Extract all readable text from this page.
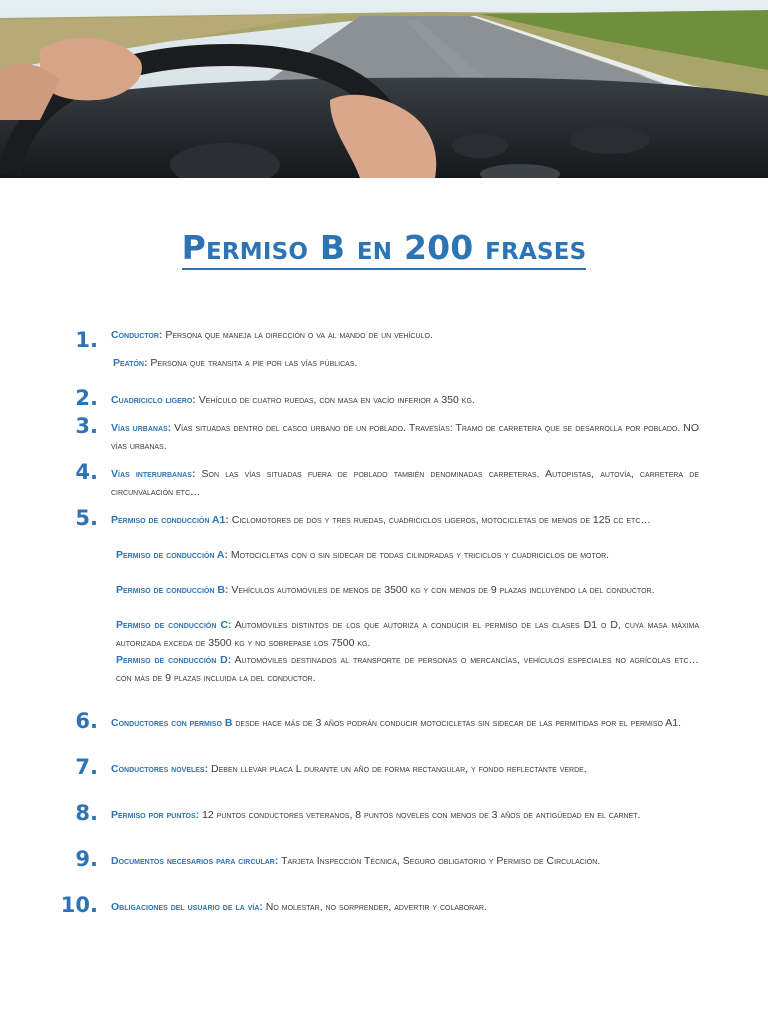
Permiso B en 200 frases
1. Conductor: Persona que maneja la dirección o va al mando de un vehículo.
Peatón: Persona que transita a pie por las vías públicas.
2. Cuadriciclo ligero: Vehículo de cuatro ruedas, con masa en vacío inferior a 350 kg.
3. Vías urbanas: Vías situadas dentro del casco urbano de un poblado. Travesías: Tramo de carretera que se desarrolla por poblado. NO vías urbanas.
4. Vías interurbanas: Son las vías situadas fuera de poblado también denominadas carreteras. Autopistas, autovía, carretera de circunvalación etc…
5. Permiso de conducción A1: Ciclomotores de dos y tres ruedas, cuadriciclos ligeros, motocicletas de menos de 125 cc etc…
Permiso de conducción A: Motocicletas con o sin sidecar de todas cilindradas y triciclos y cuadriciclos de motor.
Permiso de conducción B: Vehículos automóviles de menos de 3500 kg y con menos de 9 plazas incluyendo la del conductor.
Permiso de conducción C: Automóviles distintos de los que autoriza a conducir el permiso de las clases D1 o D, cuya masa máxima autorizada exceda de 3500 kg y no sobrepase los 7500 kg.
Permiso de conducción D: Automóviles destinados al transporte de personas o mercancías, vehículos especiales no agrícolas etc…con más de 9 plazas incluida la del conductor.
6. Conductores con permiso B desde hace más de 3 años podrán conducir motocicletas sin sidecar de las permitidas por el permiso A1.
7. Conductores noveles: Deben llevar placa L durante un año de forma rectangular, y fondo reflectante verde.
8. Permiso por puntos: 12 puntos conductores veteranos, 8 puntos noveles con menos de 3 años de antigüedad en el carnet.
9. Documentos necesarios para circular: Tarjeta Inspección Técnica, Seguro obligatorio y Permiso de Circulación.
10. Obligaciones del usuario de la vía: No molestar, no sorprender, advertir y colaborar.
